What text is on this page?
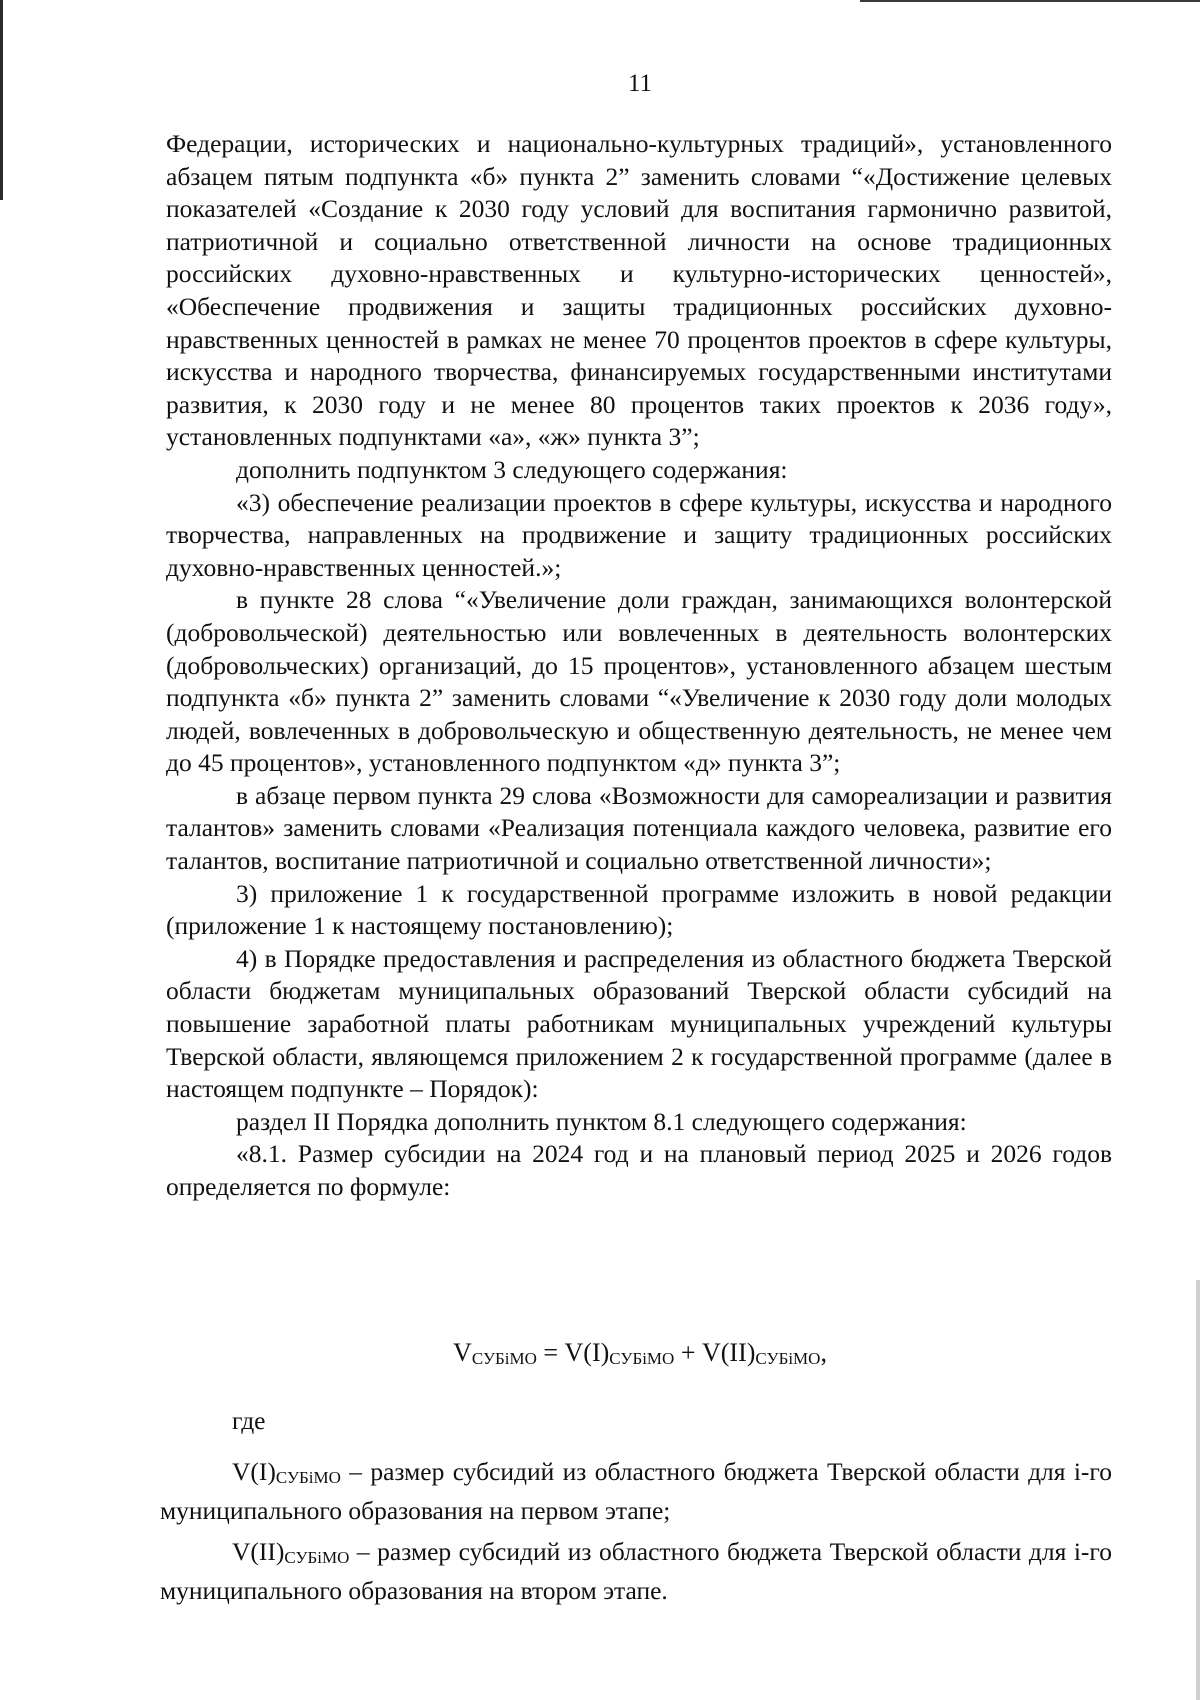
11

Федерации, исторических и национально-культурных традиций», установленного абзацем пятым подпункта «б» пункта 2” заменить словами “«Достижение целевых показателей «Создание к 2030 году условий для воспитания гармонично развитой, патриотичной и социально ответственной личности на основе традиционных российских духовно-нравственных и культурно-исторических ценностей», «Обеспечение продвижения и защиты традиционных российских духовно-нравственных ценностей в рамках не менее 70 процентов проектов в сфере культуры, искусства и народного творчества, финансируемых государственными институтами развития, к 2030 году и не менее 80 процентов таких проектов к 2036 году», установленных подпунктами «а», «ж» пункта 3”;

дополнить подпунктом 3 следующего содержания:

«3) обеспечение реализации проектов в сфере культуры, искусства и народного творчества, направленных на продвижение и защиту традиционных российских духовно-нравственных ценностей.»;

в пункте 28 слова “«Увеличение доли граждан, занимающихся волонтерской (добровольческой) деятельностью или вовлеченных в деятельность волонтерских (добровольческих) организаций, до 15 процентов», установленного абзацем шестым подпункта «б» пункта 2” заменить словами “«Увеличение к 2030 году доли молодых людей, вовлеченных в добровольческую и общественную деятельность, не менее чем до 45 процентов», установленного подпунктом «д» пункта 3”;

в абзаце первом пункта 29 слова «Возможности для самореализации и развития талантов» заменить словами «Реализация потенциала каждого человека, развитие его талантов, воспитание патриотичной и социально ответственной личности»;

3) приложение 1 к государственной программе изложить в новой редакции (приложение 1 к настоящему постановлению);

4) в Порядке предоставления и распределения из областного бюджета Тверской области бюджетам муниципальных образований Тверской области субсидий на повышение заработной платы работникам муниципальных учреждений культуры Тверской области, являющемся приложением 2 к государственной программе (далее в настоящем подпункте – Порядок):

раздел II Порядка дополнить пунктом 8.1 следующего содержания:

«8.1. Размер субсидии на 2024 год и на плановый период 2025 и 2026 годов определяется по формуле:

$V_{СУБiМО} = V(I)_{СУБiМО} + V(II)_{СУБiМО}$,

где

$V(I)_{СУБiМО}$ – размер субсидий из областного бюджета Тверской области для i-го муниципального образования на первом этапе;

$V(II)_{СУБiМО}$ – размер субсидий из областного бюджета Тверской области для i-го муниципального образования на втором этапе.
